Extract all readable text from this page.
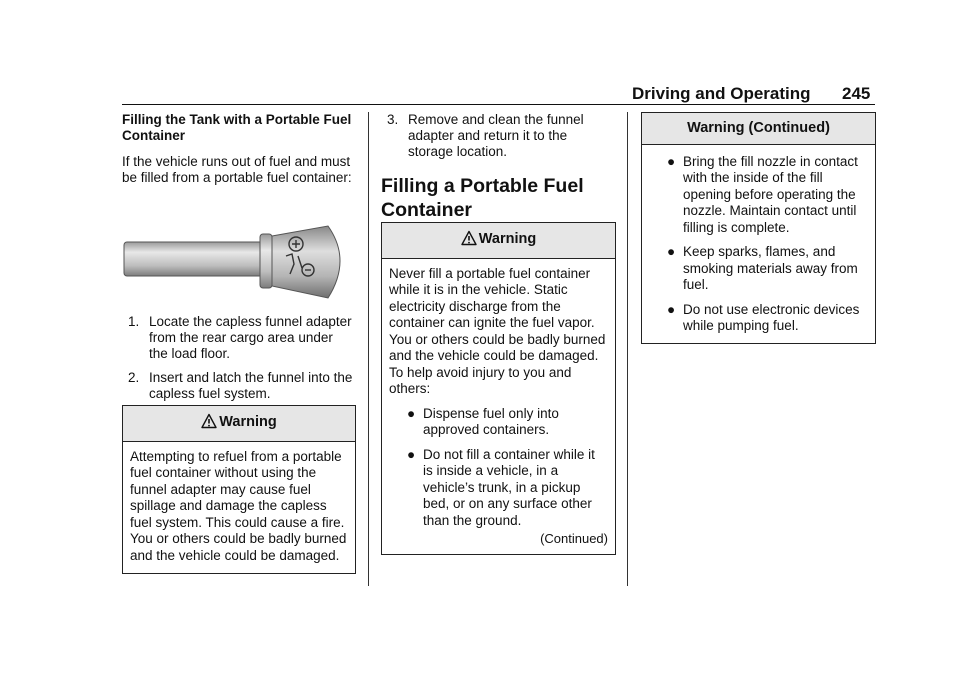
Driving and Operating 245

Filling the Tank with a Portable Fuel Container

If the vehicle runs out of fuel and must be filled from a portable fuel container:

1. Locate the capless funnel adapter from the rear cargo area under the load floor.
2. Insert and latch the funnel into the capless fuel system.
Warning

Attempting to refuel from a portable fuel container without using the funnel adapter may cause fuel spillage and damage the capless fuel system. This could cause a fire. You or others could be badly burned and the vehicle could be damaged.

3. Remove and clean the funnel adapter and return it to the storage location.
Filling a Portable Fuel Container
Warning

Never fill a portable fuel container while it is in the vehicle. Static electricity discharge from the container can ignite the fuel vapor. You or others could be badly burned and the vehicle could be damaged. To help avoid injury to you and others:

● Dispense fuel only into approved containers.
● Do not fill a container while it is inside a vehicle, in a vehicle’s trunk, in a pickup bed, or on any surface other than the ground.
(Continued)
Warning (Continued)
● Bring the fill nozzle in contact with the inside of the fill opening before operating the nozzle. Maintain contact until filling is complete.
● Keep sparks, flames, and smoking materials away from fuel.
● Do not use electronic devices while pumping fuel.
